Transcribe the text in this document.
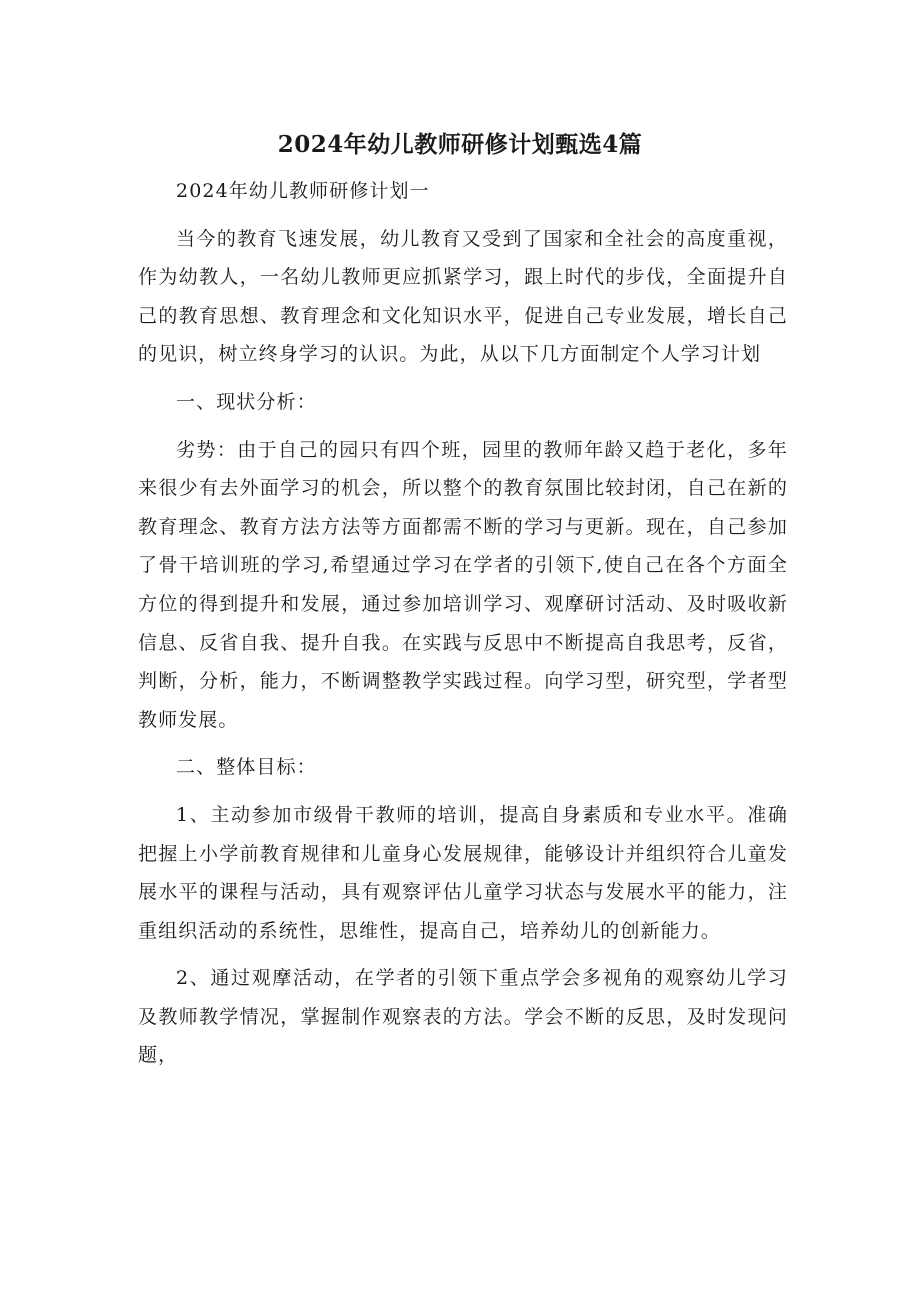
2024年幼儿教师研修计划甄选4篇

2024年幼儿教师研修计划一

当今的教育飞速发展，幼儿教育又受到了国家和全社会的高度重视，作为幼教人，一名幼儿教师更应抓紧学习，跟上时代的步伐，全面提升自己的教育思想、教育理念和文化知识水平，促进自己专业发展，增长自己的见识，树立终身学习的认识。为此，从以下几方面制定个人学习计划

一、现状分析：

劣势：由于自己的园只有四个班，园里的教师年龄又趋于老化，多年来很少有去外面学习的机会，所以整个的教育氛围比较封闭，自己在新的教育理念、教育方法方法等方面都需不断的学习与更新。现在，自己参加了骨干培训班的学习,希望通过学习在学者的引领下,使自己在各个方面全方位的得到提升和发展，通过参加培训学习、观摩研讨活动、及时吸收新信息、反省自我、提升自我。在实践与反思中不断提高自我思考，反省，判断，分析，能力，不断调整教学实践过程。向学习型，研究型，学者型教师发展。

二、整体目标：

1、主动参加市级骨干教师的培训，提高自身素质和专业水平。准确把握上小学前教育规律和儿童身心发展规律，能够设计并组织符合儿童发展水平的课程与活动，具有观察评估儿童学习状态与发展水平的能力，注重组织活动的系统性，思维性，提高自己，培养幼儿的创新能力。

2、通过观摩活动，在学者的引领下重点学会多视角的观察幼儿学习及教师教学情况，掌握制作观察表的方法。学会不断的反思，及时发现问题，
